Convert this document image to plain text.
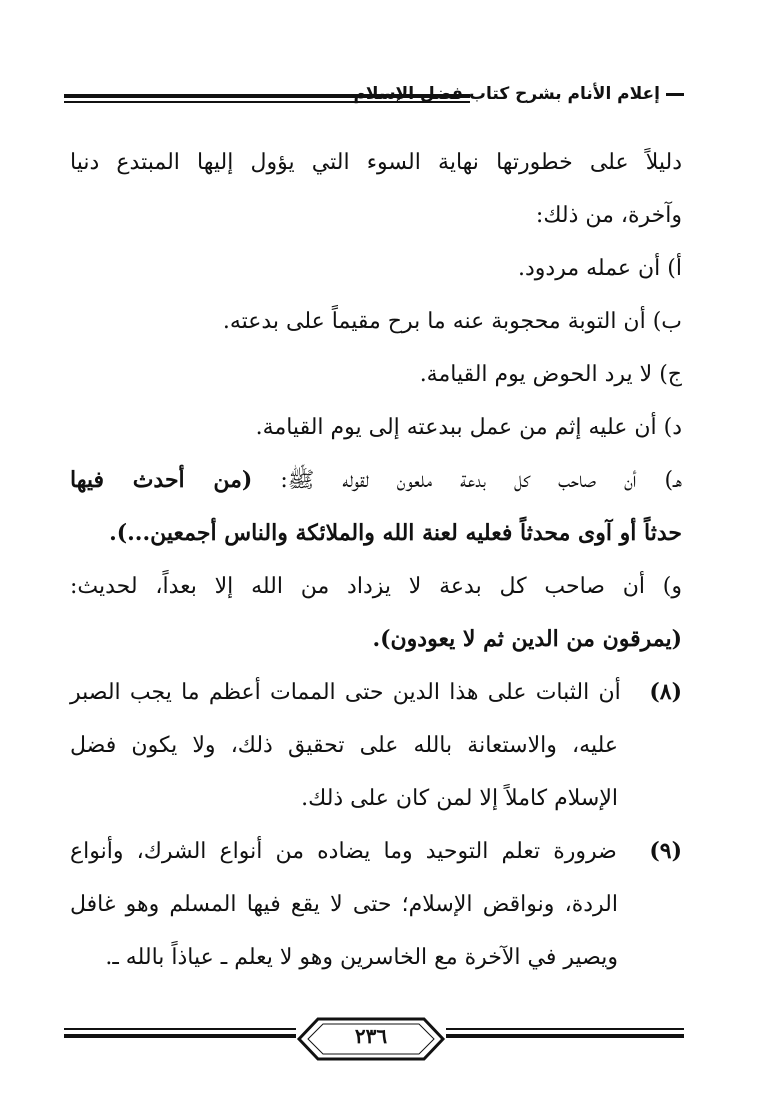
إعلام الأنام بشرح كتاب فضل الإسلام
دليلاً على خطورتها نهاية السوء التي يؤول إليها المبتدع دنيا
وآخرة، من ذلك:
أ) أن عمله مردود.
ب) أن التوبة محجوبة عنه ما برح مقيماً على بدعته.
ج) لا يرد الحوض يوم القيامة.
د) أن عليه إثم من عمل ببدعته إلى يوم القيامة.
هـ) أن صاحب كل بدعة ملعون لقوله ﷺ: (من أحدث فيها
حدثاً أو آوى محدثاً فعليه لعنة الله والملائكة والناس أجمعين...).
و) أن صاحب كل بدعة لا يزداد من الله إلا بعداً، لحديث:
(يمرقون من الدين ثم لا يعودون).
(٨) أن الثبات على هذا الدين حتى الممات أعظم ما يجب الصبر
عليه، والاستعانة بالله على تحقيق ذلك، ولا يكون فضل
الإسلام كاملاً إلا لمن كان على ذلك.
(٩) ضرورة تعلم التوحيد وما يضاده من أنواع الشرك، وأنواع
الردة، ونواقض الإسلام؛ حتى لا يقع فيها المسلم وهو غافل
ويصير في الآخرة مع الخاسرين وهو لا يعلم ـ عياذاً بالله ـ.
٢٣٦
